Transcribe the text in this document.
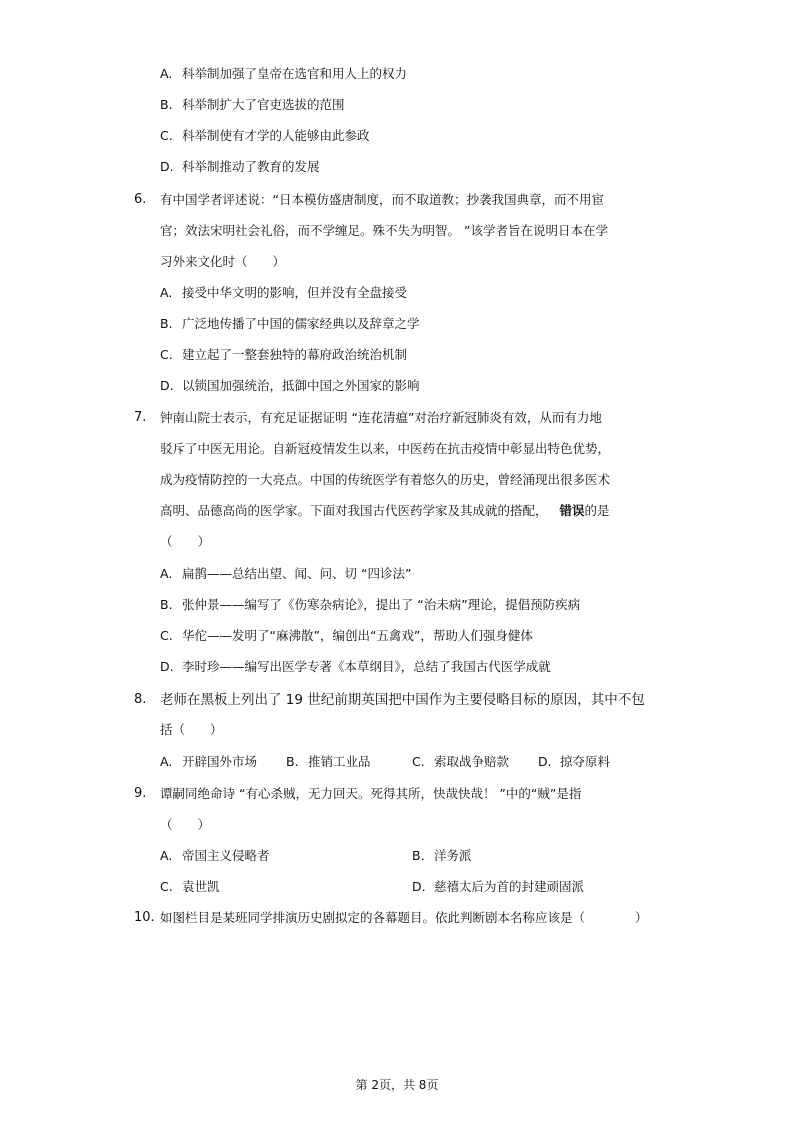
A. 科举制加强了皇帝在选官和用人上的权力
B. 科举制扩大了官吏选拔的范围
C. 科举制使有才学的人能够由此参政
D. 科举制推动了教育的发展
6. 有中国学者评述说：“日本模仿盛唐制度，而不取道教；抄袭我国典章，而不用宦
官；效法宋明社会礼俗，而不学缠足。殊不失为明智。 ”该学者旨在说明日本在学
习外来文化时（　　）
A. 接受中华文明的影响，但并没有全盘接受
B. 广泛地传播了中国的儒家经典以及辞章之学
C. 建立起了一整套独特的幕府政治统治机制
D. 以锁国加强统治，抵御中国之外国家的影响
7. 钟南山院士表示，有充足证据证明 “连花清瘟”对治疗新冠肺炎有效，从而有力地
驳斥了中医无用论。自新冠疫情发生以来，中医药在抗击疫情中彰显出特色优势，
成为疫情防控的一大亮点。中国的传统医学有着悠久的历史，曾经涌现出很多医术
高明、品德高尚的医学家。下面对我国古代医药学家及其成就的搭配， 错误的是
（　　）
A. 扁鹊——总结出望、闻、问、切 “四诊法”
B. 张仲景——编写了《伤寒杂病论》，提出了 “治未病”理论，提倡预防疾病
C. 华佗——发明了“麻沸散”，编创出“五禽戏”，帮助人们强身健体
D. 李时珍——编写出医学专著《本草纲目》，总结了我国古代医学成就
8. 老师在黑板上列出了 19 世纪前期英国把中国作为主要侵略目标的原因，其中不包
括（　　）
A. 开辟国外市场 B. 推销工业品	C. 索取战争赔款 D. 掠夺原料
9. 谭嗣同绝命诗 “有心杀贼，无力回天。死得其所，快哉快哉！ ”中的“贼”是指
（　　）
A. 帝国主义侵略者	B. 洋务派
C. 袁世凯	D. 慈禧太后为首的封建顽固派
10. 如图栏目是某班同学排演历史剧拟定的各幕题目。依此判断剧本名称应该是（　　　　）
第 2页，共 8页
